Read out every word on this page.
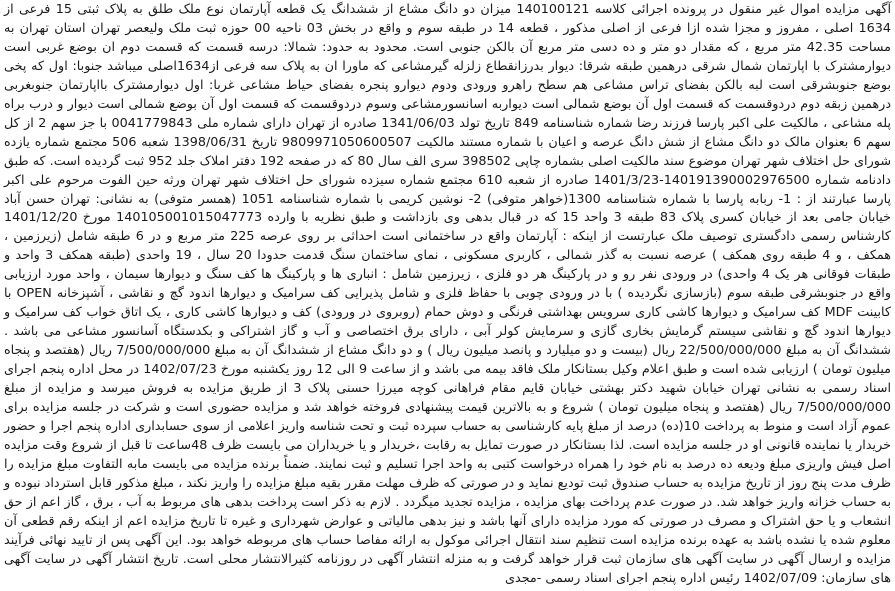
آگهی مزایده اموال غیر منقول در پرونده اجرائی کلاسه 140100121 میزان دو دانگ مشاع از ششدانگ یک قطعه آپارتمان نوع ملک طلق به پلاک ثبتی 15 فرعی از 1634 اصلی ، مفروز و مجزا شده ازا فرعی از اصلی مذکور ، قطعه 14 در طبقه سوم و واقع در بخش 03 ناحیه 00 حوزه ثبت ملک ولیعصر تهران استان تهران به مساحت 42.35 متر مربع ، که مقدار دو متر و ده دسی متر مربع آن بالکن جنوبی است. محدود به حدود: شمالا: درسه قسمت که قسمت دوم ان بوضع غربی است دیوارمشترک با اپارتمان شمال شرقی درهمین طبقه شرقا: دیوار بدرزانقطاع زلزله گیرمشاعی که ماورا ان به پلاک سه فرعی از1634اصلی میباشد جنوبا: اول که پخی بوضع جنوبشرقی است لبه بالکن بفضای تراس مشاعی هم سطح راهرو ورودی ودوم دیوارو پنجره بفضای حیاط مشاعی غربا: اول دیوارمشترک بااپارتمان جنوبغربی درهمین زبقه دوم دردوقسمت که قسمت اول آن بوضع شمالی است دیواربه اسانسورمشاعی وسوم دردوقسمت که قسمت اول آن بوضع شمالی است دیوار و درب براه پله مشاعی ، مالکیت علی اکبر پارسا فرزند رضا شماره شناسنامه 849 تاریخ تولد 1341/06/03 صادره از تهران دارای شماره ملی 0041779843 با جز سهم 2 از کل سهم 6 بعنوان مالک دو دانگ مشاع از شش دانگ عرصه و اعیان با شماره مستند مالکیت 9809971050600507 تاریخ 1398/06/31 شعبه 506 مجتمع شماره یازده شورای حل اختلاف شهر تهران موضوع سند مالکیت اصلی بشماره چاپی 398502 سری الف سال 80 که در صفحه 192 دفتر املاک جلد 952 ثبت گردیده است. که طبق دادنامه شماره 140191390002976500-1401/3/23 صادره از شعبه 610 مجتمع شماره سیزده شورای حل اختلاف شهر تهران ورثه حین الفوت مرحوم علی اکبر پارسا عبارتند از : 1- ربابه پارسا با شماره شناسنامه 1300(خواهر متوفی) 2- نوشین کریمی با شماره شناسنامه 1051 (همسر متوفی) به نشانی: تهران حسن آباد خیابان جامی بعد از خیابان کسری پلاک 83 طبقه 3 واحد 15 که در قبال بدهی وی بازداشت و طبق نظریه با وارده 140105001015047773 مورخ 1401/12/20 کارشناس رسمی دادگستری توصیف ملک عبارتست از اینکه : آپارتمان واقع در ساختمانی است احداثی بر روی عرصه 225 متر مربع و در 6 طبقه شامل (زیرزمین ، همکف ، و 4 طبقه روی همکف ) عرصه نسبت به گذر شمالی ، کاربری مسکونی ، نمای ساختمان سنگ قدمت حدودا 20 سال ، 19 واحدی (طبقه همکف 3 واحد و طبقات فوقانی هر یک 4 واحدی) در ورودی نفر رو و در پارکینگ هر دو فلزی ، زیرزمین شامل : انباری ها و پارکینگ ها کف سنگ و دیوارها سیمان ، واحد مورد ارزیابی واقع در جنوبشرقی طبقه سوم (بازسازی نگردیده ) با در ورودی چوبی با حفاظ فلزی و شامل پذیرایی کف سرامیک و دیوارها اندود گچ و نقاشی ، آشپزخانه OPEN با کابینت MDF کف سرامیک و دیوارها کاشی کاری سرویس بهداشتی فرنگی و دوش حمام (روبروی در ورودی) کف و دیوارها کاشی کاری ، یک اتاق خواب کف سرامیک و دیوارها اندود گچ و نقاشی سیستم گرمایش بخاری گازی و سرمایش کولر آبی ، دارای برق اختصاصی و آب و گاز اشتراکی و بکدستگاه آسانسور مشاعی می باشد . ششدانگ آن به مبلغ 22/500/000/000 ریال (بیست و دو میلیارد و پانصد میلیون ریال ) و دو دانگ مشاع از ششدانگ آن به مبلغ 7/500/000/000 ریال (هفتصد و پنجاه میلیون تومان ) ارزیابی شده است و طبق اعلام وکیل بستانکار ملک فاقد بیمه می باشد و از ساعت 9 الی 12 روز یکشنبه مورخ 1402/07/23 در محل اداره پنجم اجرای اسناد رسمی به نشانی تهران خیابان شهید دکتر بهشتی خیابان قایم مقام فراهانی کوچه میرزا حسنی پلاک 3 از طریق مزایده به فروش میرسد و مزایده از مبلغ 7/500/000/000 ریال (هفتصد و پنجاه میلیون تومان ) شروع و به بالاترین قیمت پیشنهادی فروخته خواهد شد و مزایده حضوری است و شرکت در جلسه مزایده برای عموم آزاد است و منوط به پرداخت 10(ده) درصد از مبلغ پایه کارشناسی به حساب سپرده ثبت و تحت شناسه واریز اعلامی از سوی حسابداری اداره پنجم اجرا و حضور خریدار یا نماینده قانونی او در جلسه مزایده است. لذا بستانکار در صورت تمایل به رقابت ،خریدار و یا خریداران می بایست ظرف 48ساعت تا قبل از شروع وقت مزایده اصل فیش واریزی مبلغ ودیعه ده درصد به نام خود را همراه درخواست کتبی به واحد اجرا تسلیم و ثبت نمایند. ضمناً برنده مزایده می بایست مابه التفاوت مبلغ مزایده را ظرف مدت پنج روز از تاریخ مزایده به حساب صندوق ثبت تودیع نماید و در صورتی که ظرف مهلت مقرر بقیه مبلغ مزایده را واریز نکند ، مبلغ مذکور قابل استرداد نبوده و به حساب خزانه واریز خواهد شد. در صورت عدم پرداخت بهای مزایده ، مزایده تجدید میگردد . لازم به ذکر است پرداخت بدهی های مربوط به آب ، برق ، گاز اعم از حق انشعاب و یا حق اشتراک و مصرف در صورتی که مورد مزایده دارای آنها باشد و نیز بدهی مالیاتی و عوارض شهرداری و غیره تا تاریخ مزایده اعم از اینکه رقم قطعی آن معلوم شده یا نشده باشد به عهده برنده مزایده است تنظیم سند انتقال اجرائی موکول به ارائه مفاصا حساب های مربوطه خواهد بود. این آگهی پس از تایید نهائی فرآیند مزایده و ارسال آگهی در سایت آگهی های سازمان ثبت قرار خواهد گرفت و به منزله انتشار آگهی در روزنامه کثیرالانتشار محلی است. تاریخ انتشار آگهی در سایت آگهی های سازمان: 1402/07/09 رئیس اداره پنجم اجرای اسناد رسمی -مجدی
